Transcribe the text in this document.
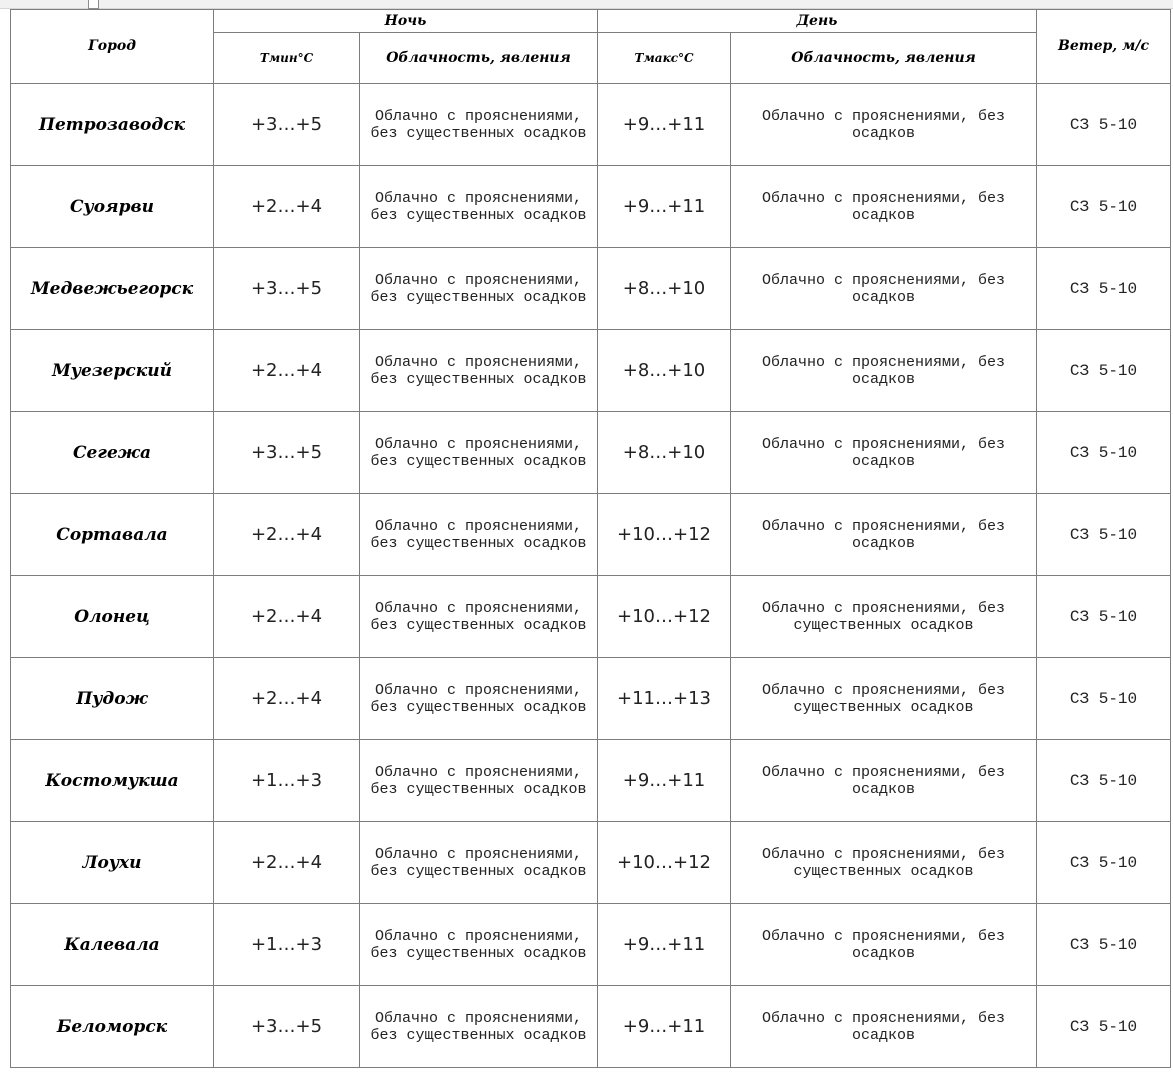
Город	Ночь		День		Ветер, м/с
	Тмин°С	Облачность, явления	Тмакс°С	Облачность, явления	
Петрозаводск	+3…+5	Облачно с прояснениями, без существенных осадков	+9…+11	Облачно с прояснениями, без осадков	СЗ 5-10
Суоярви	+2…+4	Облачно с прояснениями, без существенных осадков	+9…+11	Облачно с прояснениями, без осадков	СЗ 5-10
Медвежьегорск	+3…+5	Облачно с прояснениями, без существенных осадков	+8…+10	Облачно с прояснениями, без осадков	СЗ 5-10
Муезерский	+2…+4	Облачно с прояснениями, без существенных осадков	+8…+10	Облачно с прояснениями, без осадков	СЗ 5-10
Сегежа	+3…+5	Облачно с прояснениями, без существенных осадков	+8…+10	Облачно с прояснениями, без осадков	СЗ 5-10
Сортавала	+2…+4	Облачно с прояснениями, без существенных осадков	+10…+12	Облачно с прояснениями, без осадков	СЗ 5-10
Олонец	+2…+4	Облачно с прояснениями, без существенных осадков	+10…+12	Облачно с прояснениями, без существенных осадков	СЗ 5-10
Пудож	+2…+4	Облачно с прояснениями, без существенных осадков	+11…+13	Облачно с прояснениями, без существенных осадков	СЗ 5-10
Костомукша	+1…+3	Облачно с прояснениями, без существенных осадков	+9…+11	Облачно с прояснениями, без осадков	СЗ 5-10
Лоухи	+2…+4	Облачно с прояснениями, без существенных осадков	+10…+12	Облачно с прояснениями, без существенных осадков	СЗ 5-10
Калевала	+1…+3	Облачно с прояснениями, без существенных осадков	+9…+11	Облачно с прояснениями, без осадков	СЗ 5-10
Беломорск	+3…+5	Облачно с прояснениями, без существенных осадков	+9…+11	Облачно с прояснениями, без осадков	СЗ 5-10
